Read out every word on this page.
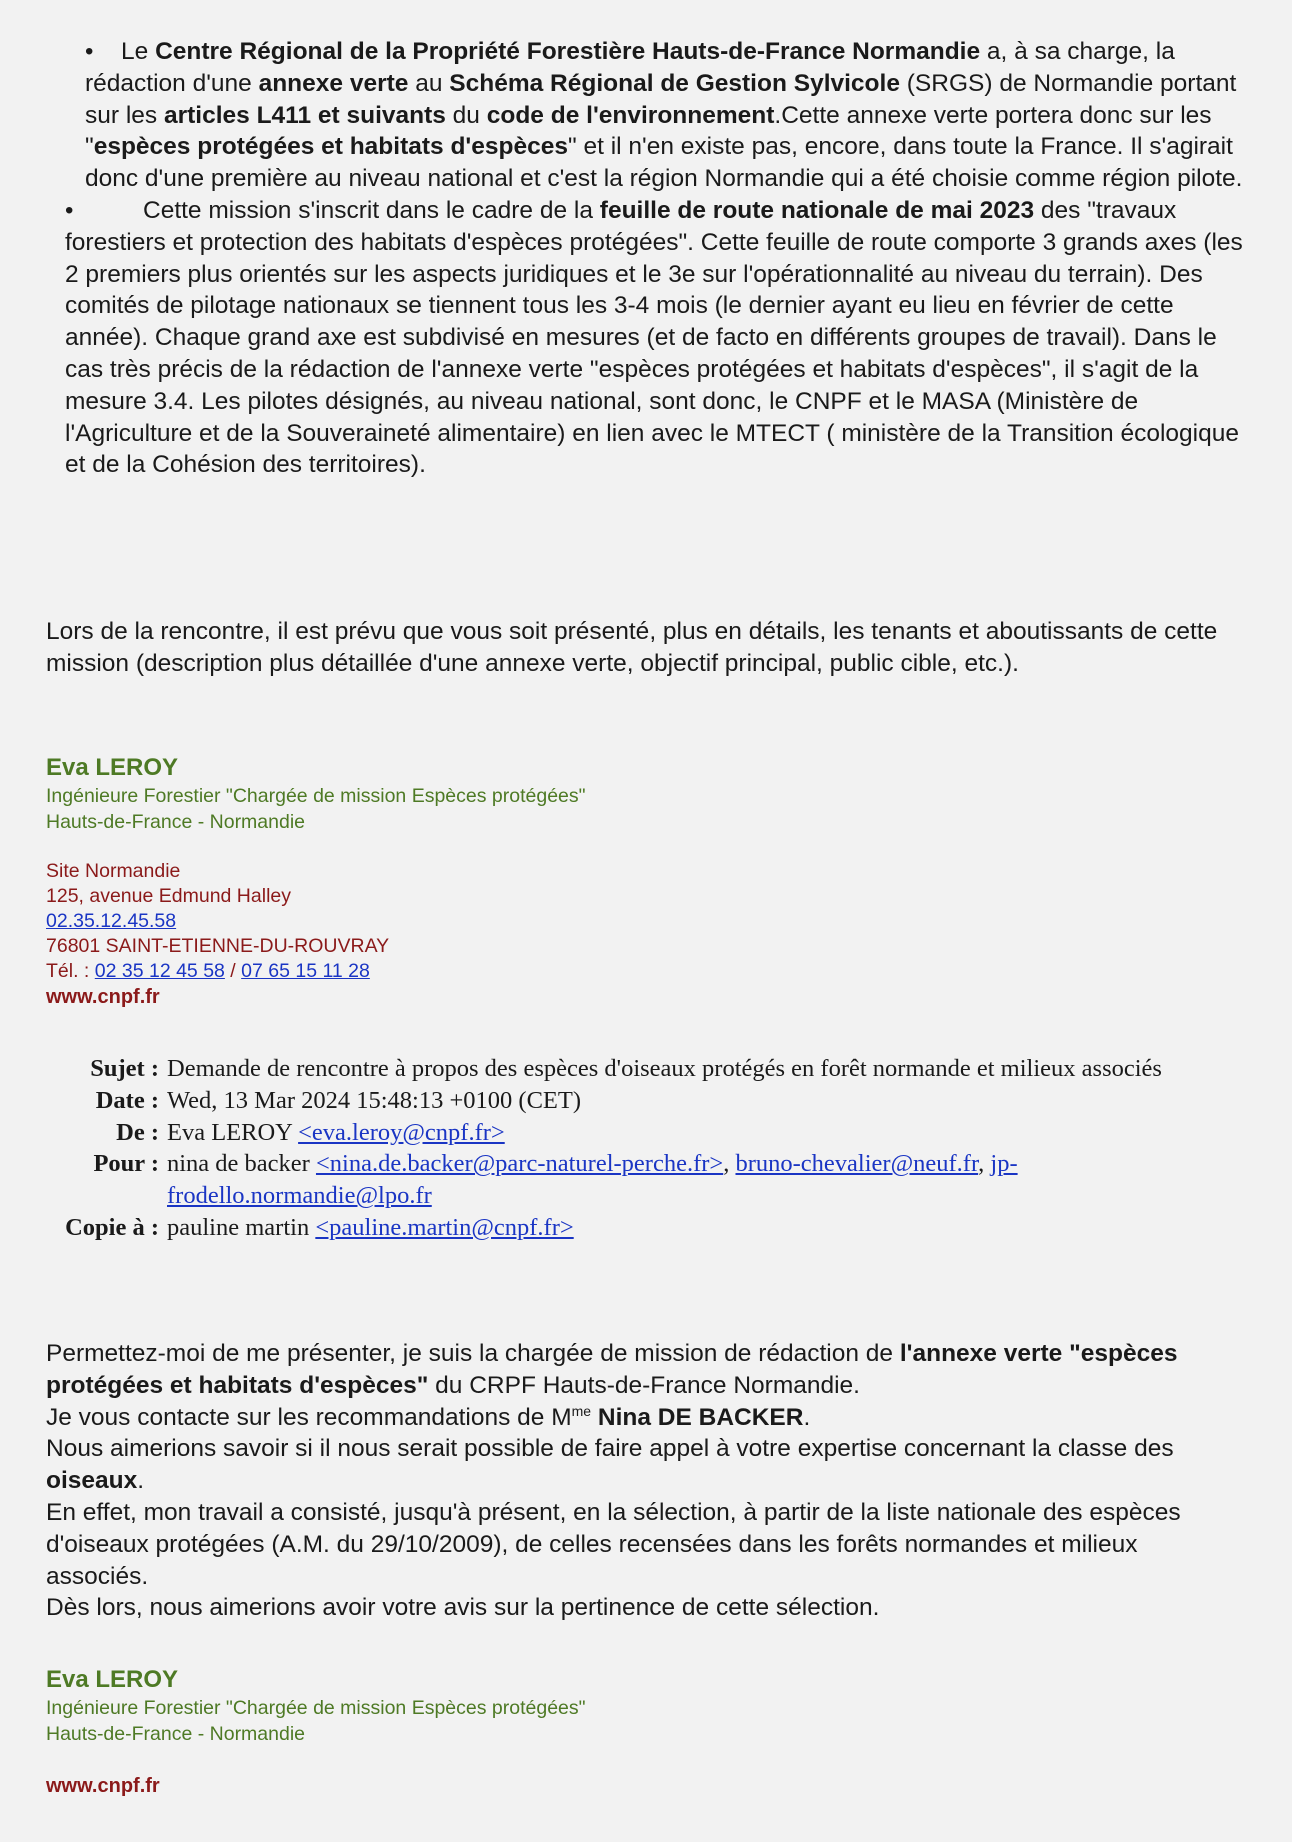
•	Le Centre Régional de la Propriété Forestière Hauts-de-France Normandie a, à sa charge, la rédaction d'une annexe verte au Schéma Régional de Gestion Sylvicole (SRGS) de Normandie portant sur les articles L411 et suivants du code de l'environnement.Cette annexe verte portera donc sur les "espèces protégées et habitats d'espèces" et il n'en existe pas, encore, dans toute la France. Il s'agirait donc d'une première au niveau national et c'est la région Normandie qui a été choisie comme région pilote.
•	Cette mission s'inscrit dans le cadre de la feuille de route nationale de mai 2023 des "travaux forestiers et protection des habitats d'espèces protégées". Cette feuille de route comporte 3 grands axes (les 2 premiers plus orientés sur les aspects juridiques et le 3e sur l'opérationnalité au niveau du terrain). Des comités de pilotage nationaux se tiennent tous les 3-4 mois (le dernier ayant eu lieu en février de cette année). Chaque grand axe est subdivisé en mesures (et de facto en différents groupes de travail). Dans le cas très précis de la rédaction de l'annexe verte "espèces protégées et habitats d'espèces", il s'agit de la mesure 3.4. Les pilotes désignés, au niveau national, sont donc, le CNPF et le MASA (Ministère de l'Agriculture et de la Souveraineté alimentaire) en lien avec le MTECT ( ministère de la Transition écologique et de la Cohésion des territoires).
Lors de la rencontre, il est prévu que vous soit présenté, plus en détails, les tenants et aboutissants de cette mission (description plus détaillée d'une annexe verte, objectif principal, public cible, etc.).
Eva LEROY
Ingénieure Forestier "Chargée de mission Espèces protégées"
Hauts-de-France - Normandie
Site Normandie
125, avenue Edmund Halley
02.35.12.45.58
76801 SAINT-ETIENNE-DU-ROUVRAY
Tél. : 02 35 12 45 58 / 07 65 15 11 28
www.cnpf.fr
Sujet : Demande de rencontre à propos des espèces d'oiseaux protégés en forêt normande et milieux associés
Date : Wed, 13 Mar 2024 15:48:13 +0100 (CET)
De : Eva LEROY <eva.leroy@cnpf.fr>
Pour : nina de backer <nina.de.backer@parc-naturel-perche.fr>, bruno-chevalier@neuf.fr, jp-frodello.normandie@lpo.fr
Copie à : pauline martin <pauline.martin@cnpf.fr>
Permettez-moi de me présenter, je suis la chargée de mission de rédaction de l'annexe verte "espèces protégées et habitats d'espèces" du CRPF Hauts-de-France Normandie.
Je vous contacte sur les recommandations de $M^{me}$ Nina DE BACKER.
Nous aimerions savoir si il nous serait possible de faire appel à votre expertise concernant la classe des oiseaux.
En effet, mon travail a consisté, jusqu'à présent, en la sélection, à partir de la liste nationale des espèces d'oiseaux protégées (A.M. du 29/10/2009), de celles recensées dans les forêts normandes et milieux associés.
Dès lors, nous aimerions avoir votre avis sur la pertinence de cette sélection.
Eva LEROY
Ingénieure Forestier "Chargée de mission Espèces protégées"
Hauts-de-France - Normandie
www.cnpf.fr
